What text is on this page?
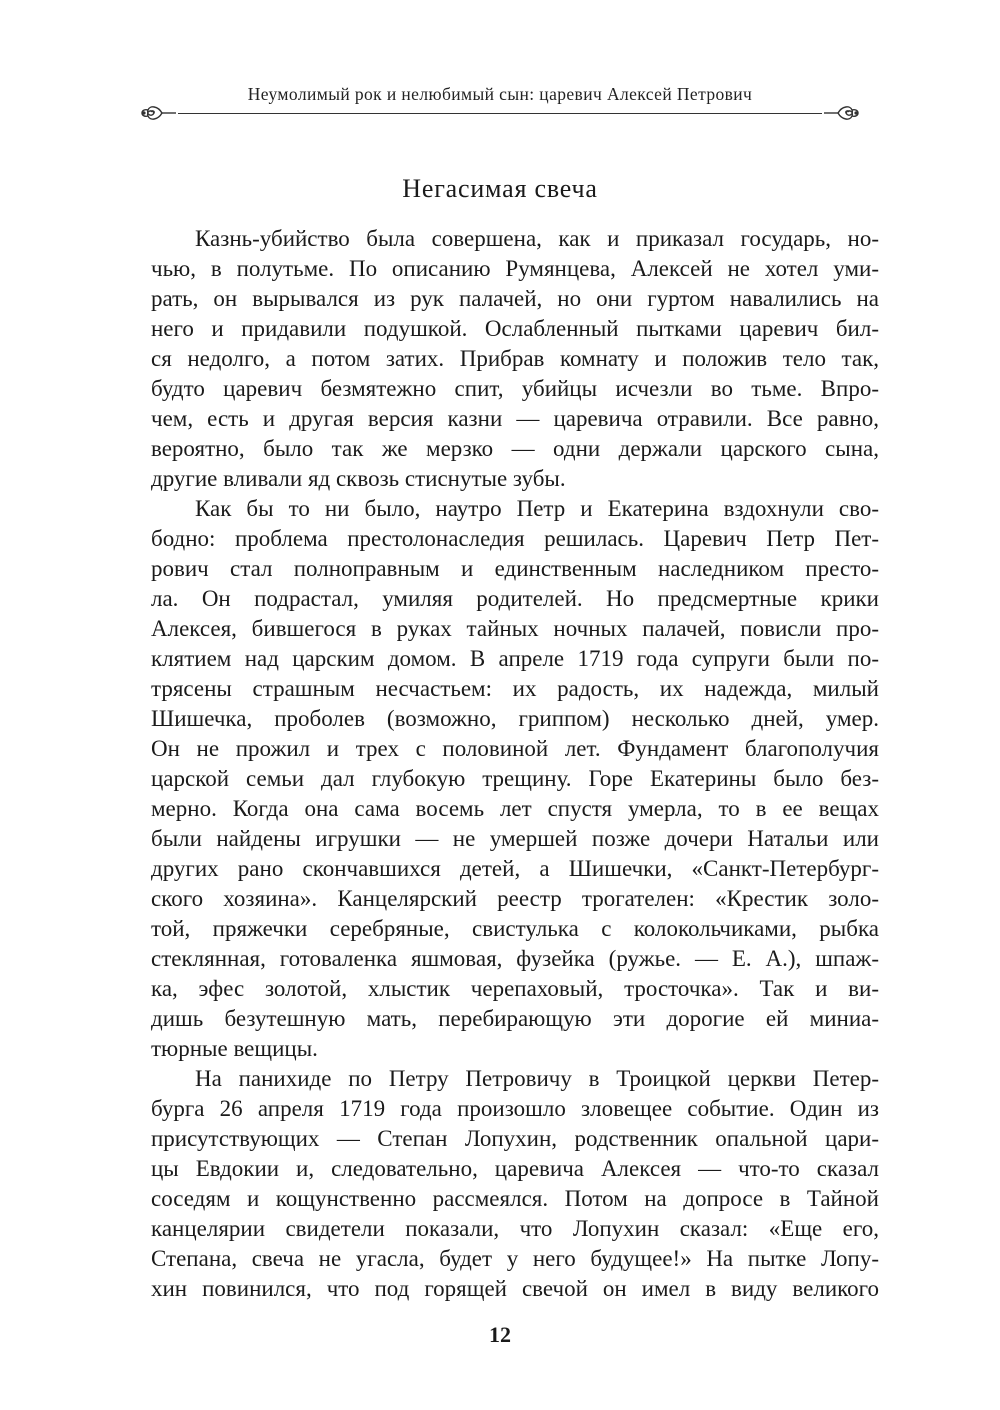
Неумолимый рок и нелюбимый сын: царевич Алексей Петрович
Негасимая свеча
Казнь-убийство была совершена, как и приказал государь, но-
чью, в полутьме. По описанию Румянцева, Алексей не хотел уми-
рать, он вырывался из рук палачей, но они гуртом навалились на
него и придавили подушкой. Ослабленный пытками царевич бил-
ся недолго, а потом затих. Прибрав комнату и положив тело так,
будто царевич безмятежно спит, убийцы исчезли во тьме. Впро-
чем, есть и другая версия казни — царевича отравили. Все равно,
вероятно, было так же мерзко — одни держали царского сына,
другие вливали яд сквозь стиснутые зубы.
Как бы то ни было, наутро Петр и Екатерина вздохнули сво-
бодно: проблема престолонаследия решилась. Царевич Петр Пет-
рович стал полноправным и единственным наследником престо-
ла. Он подрастал, умиляя родителей. Но предсмертные крики
Алексея, бившегося в руках тайных ночных палачей, повисли про-
клятием над царским домом. В апреле 1719 года супруги были по-
трясены страшным несчастьем: их радость, их надежда, милый
Шишечка, проболев (возможно, гриппом) несколько дней, умер.
Он не прожил и трех с половиной лет. Фундамент благополучия
царской семьи дал глубокую трещину. Горе Екатерины было без-
мерно. Когда она сама восемь лет спустя умерла, то в ее вещах
были найдены игрушки — не умершей позже дочери Натальи или
других рано скончавшихся детей, а Шишечки, «Санкт-Петербург-
ского хозяина». Канцелярский реестр трогателен: «Крестик золо-
той, пряжечки серебряные, свистулька с колокольчиками, рыбка
стеклянная, готоваленка яшмовая, фузейка (ружье. — Е. А.), шпаж-
ка, эфес золотой, хлыстик черепаховый, тросточка». Так и ви-
дишь безутешную мать, перебирающую эти дорогие ей миниа-
тюрные вещицы.
На панихиде по Петру Петровичу в Троицкой церкви Петер-
бурга 26 апреля 1719 года произошло зловещее событие. Один из
присутствующих — Степан Лопухин, родственник опальной цари-
цы Евдокии и, следовательно, царевича Алексея — что-то сказал
соседям и кощунственно рассмеялся. Потом на допросе в Тайной
канцелярии свидетели показали, что Лопухин сказал: «Еще его,
Степана, свеча не угасла, будет у него будущее!» На пытке Лопу-
хин повинился, что под горящей свечой он имел в виду великого
12
